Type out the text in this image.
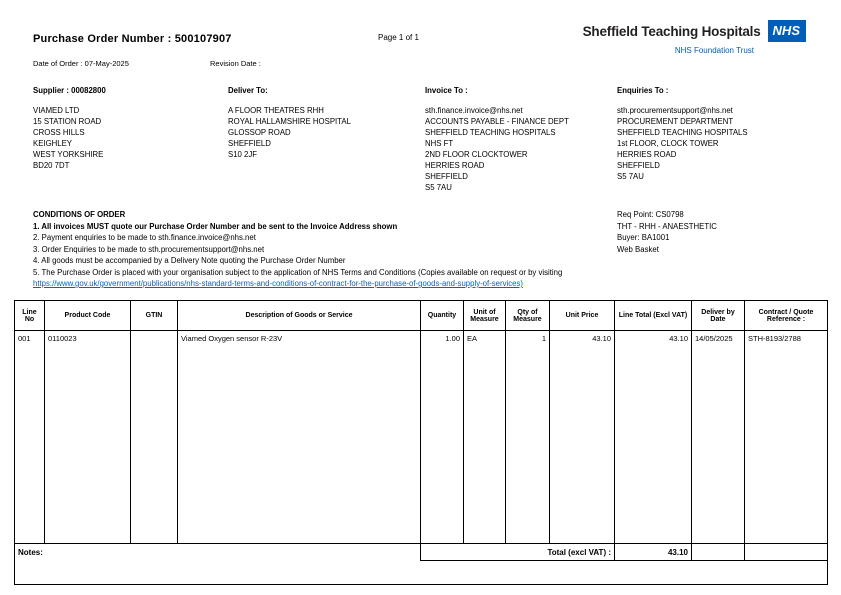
Purchase Order Number : 500107907	Page 1 of 1	Sheffield Teaching Hospitals NHS
NHS Foundation Trust
Date of Order : 07-May-2025	Revision Date :
Supplier : 00082800
VIAMED LTD
15 STATION ROAD
CROSS HILLS
KEIGHLEY
WEST YORKSHIRE
BD20 7DT
Deliver To:
A FLOOR THEATRES RHH
ROYAL HALLAMSHIRE HOSPITAL
GLOSSOP ROAD
SHEFFIELD
S10 2JF
Invoice To :
sth.finance.invoice@nhs.net
ACCOUNTS PAYABLE - FINANCE DEPT
SHEFFIELD TEACHING HOSPITALS
NHS FT
2ND FLOOR CLOCKTOWER
HERRIES ROAD
SHEFFIELD
S5 7AU
Enquiries To :
sth.procurementsupport@nhs.net
PROCUREMENT DEPARTMENT
SHEFFIELD TEACHING HOSPITALS
1st FLOOR, CLOCK TOWER
HERRIES ROAD
SHEFFIELD
S5 7AU
CONDITIONS OF ORDER
1. All invoices MUST quote our Purchase Order Number and be sent to the Invoice Address shown
2. Payment enquiries to be made to sth.finance.invoice@nhs.net
3. Order Enquiries to be made to sth.procurementsupport@nhs.net
4. All goods must be accompanied by a Delivery Note quoting the Purchase Order Number
5. The Purchase Order is placed with your organisation subject to the application of NHS Terms and Conditions (Copies available on request or by visiting
https://www.gov.uk/government/publications/nhs-standard-terms-and-conditions-of-contract-for-the-purchase-of-goods-and-supply-of-services)
Req Point: CS0798
THT - RHH - ANAESTHETIC
Buyer: BA1001
Web Basket
Line No	Product Code	GTIN	Description of Goods or Service	Quantity	Unit of Measure	Qty of Measure	Unit Price	Line Total (Excl VAT)	Deliver by Date	Contract / Quote Reference :
001	0110023		Viamed Oxygen sensor R-23V	1.00	EA	1	43.10	43.10	14/05/2025	STH-8193/2788
Notes:				Total (excl VAT) :				43.10		
